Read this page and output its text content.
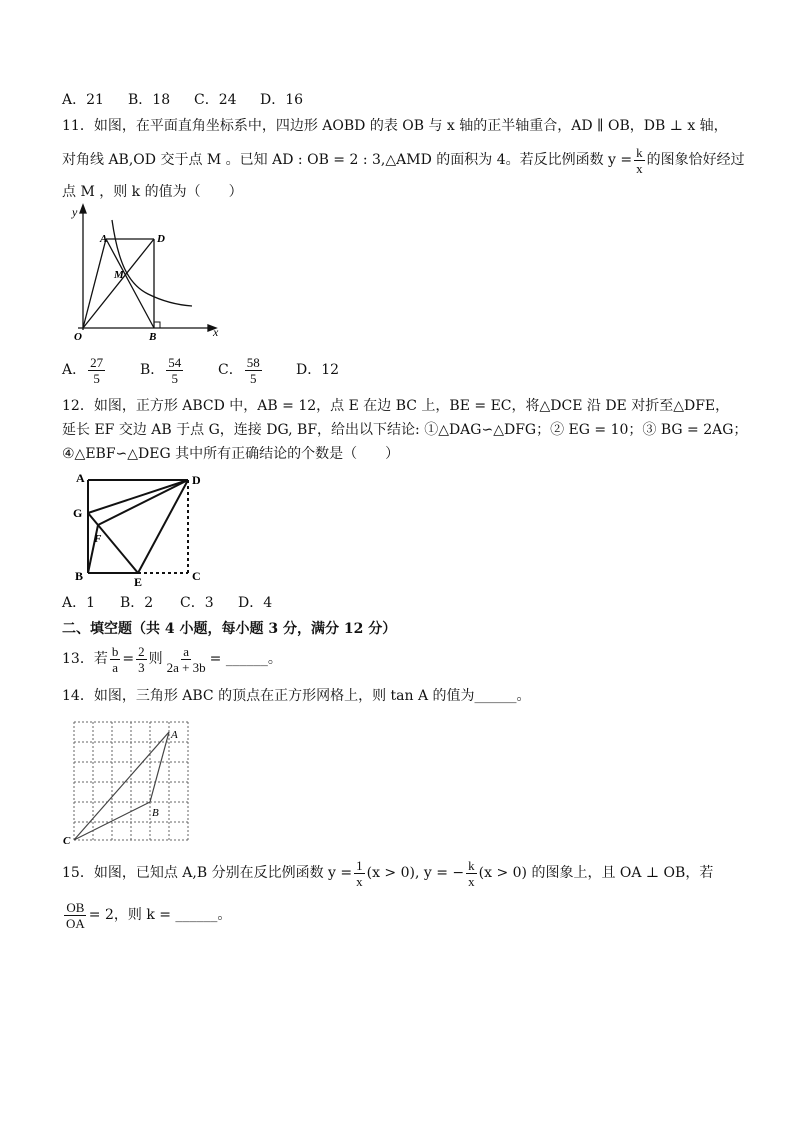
A．21 B．18 C．24 D．16
11．如图，在平面直角坐标系中，四边形 AOBD 的表 OB 与 x 轴的正半轴重合，AD ∥ OB，DB ⊥ x 轴，
对角线 AB,OD 交于点 M 。已知 AD : OB = 2 : 3,△AMD 的面积为 4。若反比例函数 $y = \frac{k}{x}$ 的图象恰好经过
点 M ，则 k 的值为（　　）
y
x
A	D
M
O	B
A． $\frac{27}{5}$ B． $\frac{54}{5}$ C． $\frac{58}{5}$ D．12
12．如图，正方形 ABCD 中，AB = 12，点 E 在边 BC 上，BE = EC，将△DCE 沿 DE 对折至△DFE，
延长 EF 交边 AB 于点 G，连接 DG, BF，给出以下结论: ①△DAG∽△DFG；② EG = 10；③ BG = 2AG；
④△EBF∽△DEG 其中所有正确结论的个数是（　　）
A	D
G
F
B	E	C
A．1 B．2 C．3 D．4
二、填空题（共 4 小题，每小题 3 分，满分 12 分）
13．若 $\frac{b}{a} = \frac{2}{3}$ 则 $\frac{a}{2a + 3b}$ = ______。
14．如图，三角形 ABC 的顶点在正方形网格上，则 tan A 的值为______。
A
B
C
15．如图，已知点 A,B 分别在反比例函数 $y = \frac{1}{x} (x > 0)$, y = − $\frac{k}{x} (x > 0)$ 的图象上，且 OA ⊥ OB，若
$\frac{OB}{OA} = 2$，则 k = ______。
